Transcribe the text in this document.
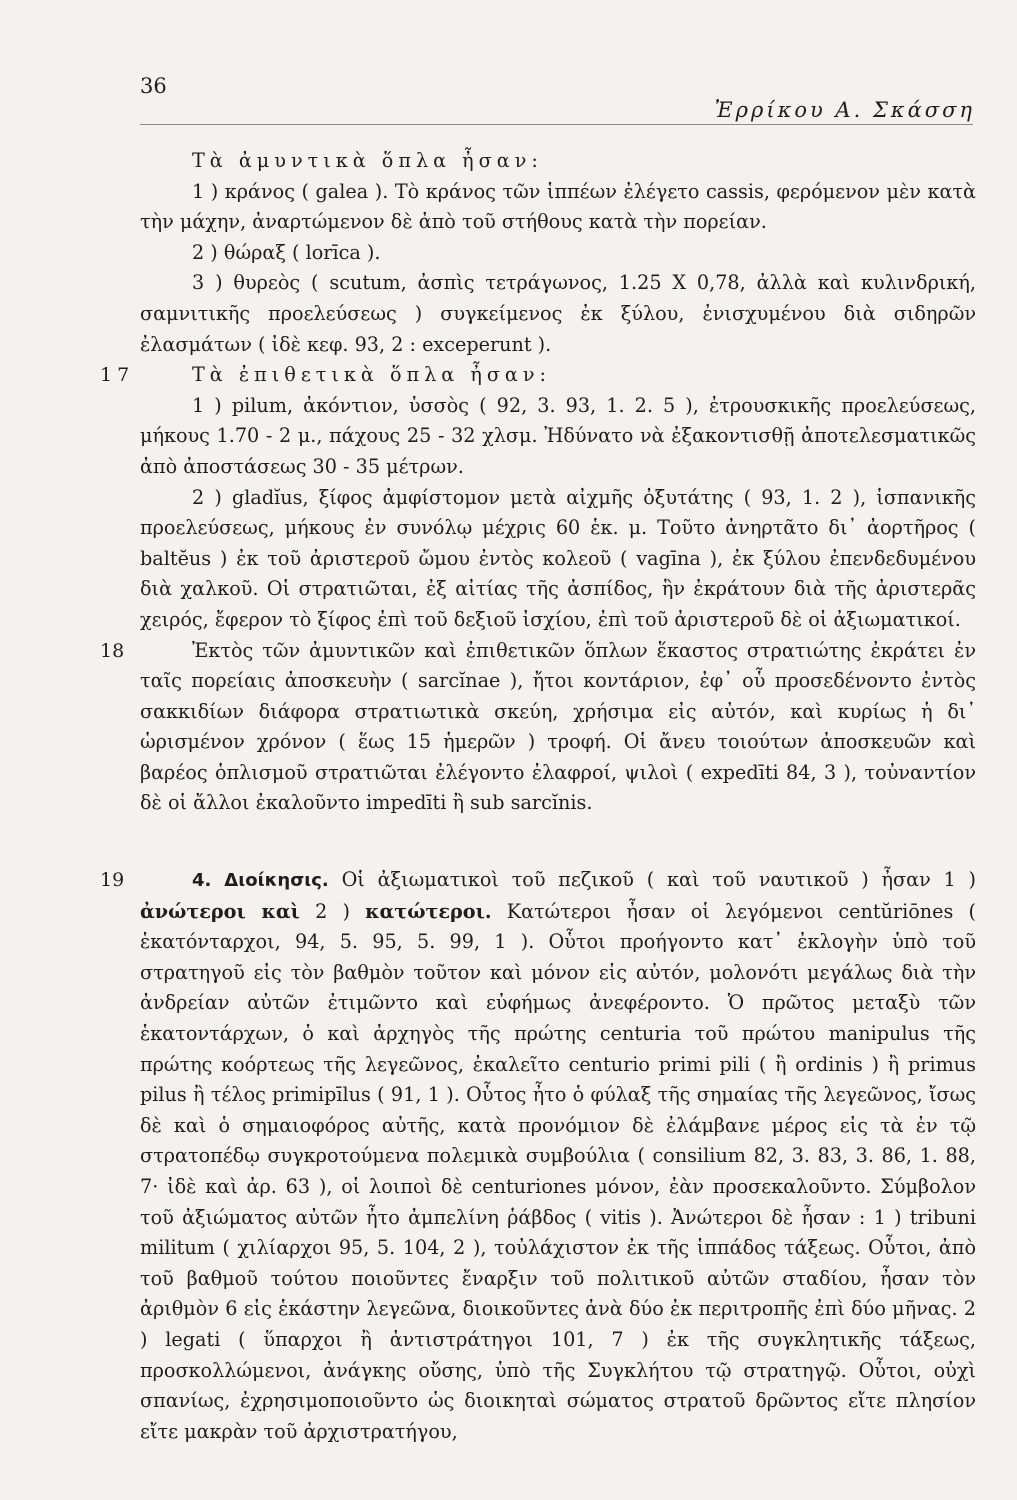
36
Ἐρρίκου Α. Σκάσση

Τὰ ἀμυντικὰ ὅπλα ἦσαν:

1 ) κράνος ( galea ). Τὸ κράνος τῶν ἱππέων ἐλέγετο cassis, φερόμενον μὲν κατὰ τὴν μάχην, ἀναρτώμενον δὲ ἀπὸ τοῦ στήθους κατὰ τὴν πορείαν.

2 ) θώραξ ( lorīca ).

3 ) θυρεὸς ( scutum, ἀσπὶς τετράγωνος, 1.25 X 0,78, ἀλλὰ καὶ κυλινδρική, σαμνιτικῆς προελεύσεως ) συγκείμενος ἐκ ξύλου, ἐνισχυμένου διὰ σιδηρῶν ἐλασμάτων ( ἰδὲ κεφ. 93, 2 : exceperunt ).

17	Τὰ ἐπιθετικὰ ὅπλα ἦσαν:

1 ) pilum, ἀκόντιον, ὑσσὸς ( 92, 3. 93, 1. 2. 5 ), ἐτρουσκικῆς προελεύσεως, μήκους 1.70 - 2 μ., πάχους 25 - 32 χλσμ. Ἠδύνατο νὰ ἐξακοντισθῇ ἀποτελεσματικῶς ἀπὸ ἀποστάσεως 30 - 35 μέτρων.

2 ) gladĭus, ξίφος ἀμφίστομον μετὰ αἰχμῆς ὀξυτάτης ( 93, 1. 2 ), ἱσπανικῆς προελεύσεως, μήκους ἐν συνόλῳ μέχρις 60 ἑκ. μ. Τοῦτο ἀνηρτᾶτο δι᾽ ἀορτῆρος ( baltĕus ) ἐκ τοῦ ἀριστεροῦ ὤμου ἐντὸς κολεοῦ ( vagīna ), ἐκ ξύλου ἐπενδεδυμένου διὰ χαλκοῦ. Οἱ στρατιῶται, ἐξ αἰτίας τῆς ἀσπίδος, ἣν ἐκράτουν διὰ τῆς ἀριστερᾶς χειρός, ἔφερον τὸ ξίφος ἐπὶ τοῦ δεξιοῦ ἰσχίου, ἐπὶ τοῦ ἀριστεροῦ δὲ οἱ ἀξιωματικοί.

18	Ἐκτὸς τῶν ἀμυντικῶν καὶ ἐπιθετικῶν ὅπλων ἕκαστος στρατιώτης ἐκράτει ἐν ταῖς πορείαις ἀποσκευὴν ( sarcĭnae ), ἤτοι κοντάριον, ἐφ᾽ οὗ προσεδένοντο ἐντὸς σακκιδίων διάφορα στρατιωτικὰ σκεύη, χρήσιμα εἰς αὐτόν, καὶ κυρίως ἡ δι᾽ ὡρισμένον χρόνον ( ἕως 15 ἡμερῶν ) τροφή. Οἱ ἄνευ τοιούτων ἀποσκευῶν καὶ βαρέος ὁπλισμοῦ στρατιῶται ἐλέγοντο ἐλαφροί, ψιλοὶ ( expedīti 84, 3 ), τοὐναντίον δὲ οἱ ἄλλοι ἐκαλοῦντο impedīti ἢ sub sarcĭnis.

19	4. Διοίκησις. Οἱ ἀξιωματικοὶ τοῦ πεζικοῦ ( καὶ τοῦ ναυτικοῦ ) ἦσαν 1 ) ἀνώτεροι καὶ 2 ) κατώτεροι. Κατώτεροι ἦσαν οἱ λεγόμενοι centŭriōnes ( ἑκατόνταρχοι, 94, 5. 95, 5. 99, 1 ). Οὗτοι προήγοντο κατ᾽ ἐκλογὴν ὑπὸ τοῦ στρατηγοῦ εἰς τὸν βαθμὸν τοῦτον καὶ μόνον εἰς αὐτόν, μολονότι μεγάλως διὰ τὴν ἀνδρείαν αὐτῶν ἐτιμῶντο καὶ εὐφήμως ἀνεφέροντο. Ὁ πρῶτος μεταξὺ τῶν ἑκατοντάρχων, ὁ καὶ ἀρχηγὸς τῆς πρώτης centuria τοῦ πρώτου manipulus τῆς πρώτης κοόρτεως τῆς λεγεῶνος, ἐκαλεῖτο centurio primi pili ( ἢ ordinis ) ἢ primus pilus ἢ τέλος primipīlus ( 91, 1 ). Οὗτος ἦτο ὁ φύλαξ τῆς σημαίας τῆς λεγεῶνος, ἴσως δὲ καὶ ὁ σημαιοφόρος αὐτῆς, κατὰ προνόμιον δὲ ἐλάμβανε μέρος εἰς τὰ ἐν τῷ στρατοπέδῳ συγκροτούμενα πολεμικὰ συμβούλια ( consilium 82, 3. 83, 3. 86, 1. 88, 7· ἰδὲ καὶ ἀρ. 63 ), οἱ λοιποὶ δὲ centuriones μόνον, ἐὰν προσεκαλοῦντο. Σύμβολον τοῦ ἀξιώματος αὐτῶν ἦτο ἀμπελίνη ῥάβδος ( vitis ). Ἀνώτεροι δὲ ἦσαν : 1 ) tribuni militum ( χιλίαρχοι 95, 5. 104, 2 ), τοὐλάχιστον ἐκ τῆς ἱππάδος τάξεως. Οὗτοι, ἀπὸ τοῦ βαθμοῦ τούτου ποιοῦντες ἔναρξιν τοῦ πολιτικοῦ αὐτῶν σταδίου, ἦσαν τὸν ἀριθμὸν 6 εἰς ἑκάστην λεγεῶνα, διοικοῦντες ἀνὰ δύο ἐκ περιτροπῆς ἐπὶ δύο μῆνας. 2 ) legati ( ὕπαρχοι ἢ ἀντιστράτηγοι 101, 7 ) ἐκ τῆς συγκλητικῆς τάξεως, προσκολλώμενοι, ἀνάγκης οὔσης, ὑπὸ τῆς Συγκλήτου τῷ στρατηγῷ. Οὗτοι, οὐχὶ σπανίως, ἐχρησιμοποιοῦντο ὡς διοικηταὶ σώματος στρατοῦ δρῶντος εἴτε πλησίον εἴτε μακρὰν τοῦ ἀρχιστρατήγου,
